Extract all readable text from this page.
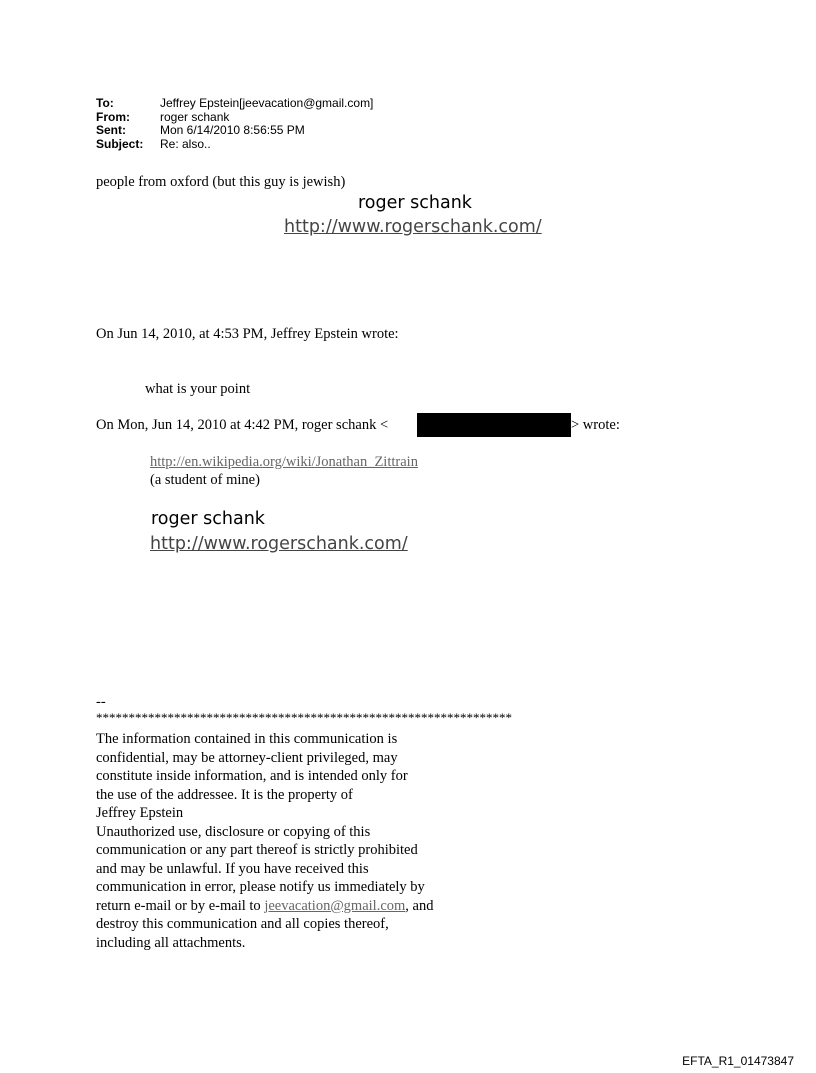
To:	Jeffrey Epstein[jeevacation@gmail.com]
From:	roger schank
Sent:	Mon 6/14/2010 8:56:55 PM
Subject:	Re: also..
people from oxford (but this guy is jewish)
roger schank
http://www.rogerschank.com/
On Jun 14, 2010, at 4:53 PM, Jeffrey Epstein wrote:
what is your point
On Mon, Jun 14, 2010 at 4:42 PM, roger schank <	> wrote:
http://en.wikipedia.org/wiki/Jonathan_Zittrain
(a student of mine)
roger schank
http://www.rogerschank.com/
--
****************************************************************
The information contained in this communication is
confidential, may be attorney-client privileged, may
constitute inside information, and is intended only for
the use of the addressee. It is the property of
Jeffrey Epstein
Unauthorized use, disclosure or copying of this
communication or any part thereof is strictly prohibited
and may be unlawful. If you have received this
communication in error, please notify us immediately by
return e-mail or by e-mail to jeevacation@gmail.com, and
destroy this communication and all copies thereof,
including all attachments.
EFTA_R1_01473847
